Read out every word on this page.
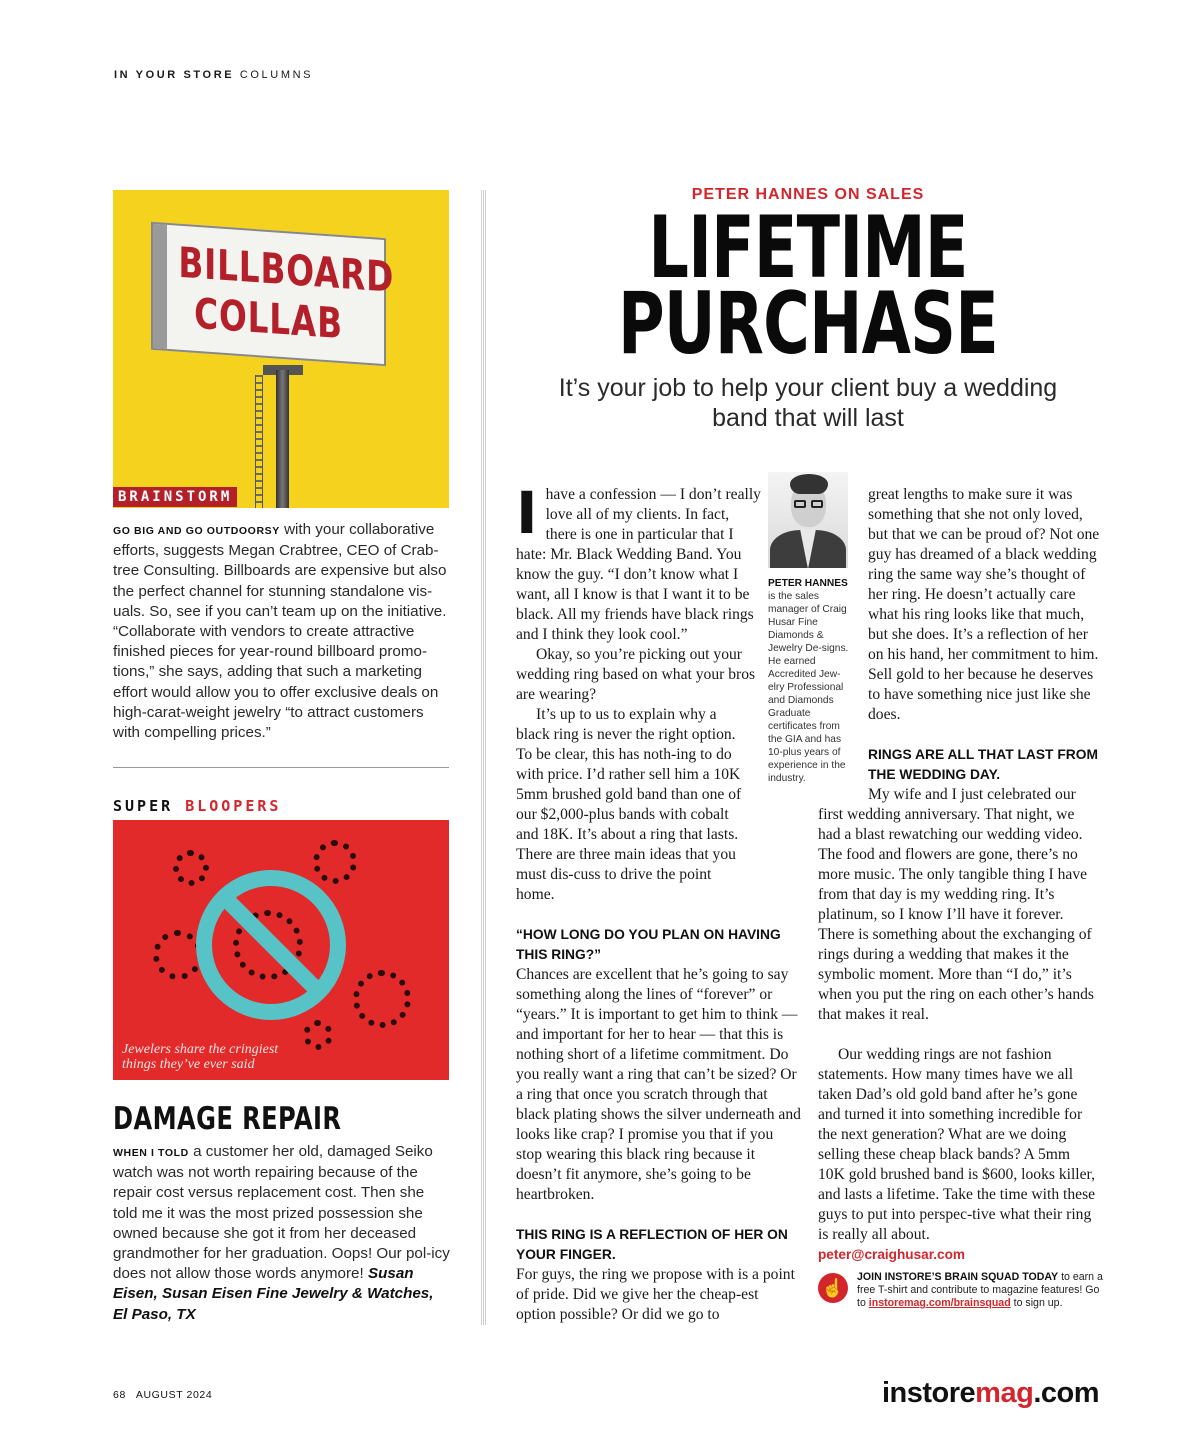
IN YOUR STORE COLUMNS
BILLBOARD
COLLAB
BRAINSTORM

GO BIG AND GO OUTDOORSY with your collaborative efforts, suggests Megan Crabtree, CEO of Crab-tree Consulting. Billboards are expensive but also the perfect channel for stunning standalone vis-uals. So, see if you can’t team up on the initiative. “Collaborate with vendors to create attractive finished pieces for year-round billboard promo-tions,” she says, adding that such a marketing effort would allow you to offer exclusive deals on high-carat-weight jewelry “to attract customers with compelling prices.”

SUPER BLOOPERS
Jewelers share the cringiest
things they’ve ever said
DAMAGE REPAIR

WHEN I TOLD a customer her old, damaged Seiko watch was not worth repairing because of the repair cost versus replacement cost. Then she told me it was the most prized possession she owned because she got it from her deceased grandmother for her graduation. Oops! Our pol-icy does not allow those words anymore! Susan Eisen, Susan Eisen Fine Jewelry & Watches, El Paso, TX

PETER HANNES ON SALES
LIFETIME
PURCHASE
It’s your job to help your client buy a wedding
band that will last
I have a confession — I don’t really love all of my clients. In fact, there is one in particular that I hate: Mr. Black Wedding Band. You know the guy. “I don’t know what I want, all I know is that I want it to be black. All my friends have black rings and I think they look cool.”

Okay, so you’re picking out your wedding ring based on what your bros are wearing?

It’s up to us to explain why a black ring is never the right option. To be clear, this has noth-ing to do with price. I’d rather sell him a 10K 5mm brushed gold band than one of our $2,000-plus bands with cobalt and 18K. It’s about a ring that lasts. There are three main ideas that you must dis-cuss to drive the point home.

“HOW LONG DO YOU PLAN ON HAVING THIS RING?”

Chances are excellent that he’s going to say something along the lines of “forever” or “years.” It is important to get him to think — and important for her to hear — that this is nothing short of a lifetime commitment. Do you really want a ring that can’t be sized? Or a ring that once you scratch through that black plating shows the silver underneath and looks like crap? I promise you that if you stop wearing this black ring because it doesn’t fit anymore, she’s going to be heartbroken.

THIS RING IS A REFLECTION OF HER ON YOUR FINGER.

For guys, the ring we propose with is a point of pride. Did we give her the cheap-est option possible? Or did we go to

PETER HANNES is the sales manager of Craig Husar Fine Diamonds & Jewelry De-signs. He earned Accredited Jew-elry Professional and Diamonds Graduate certificates from the GIA and has 10-plus years of experience in the industry.

great lengths to make sure it was something that she not only loved, but that we can be proud of? Not one guy has dreamed of a black wedding ring the same way she’s thought of her ring. He doesn’t actually care what his ring looks like that much, but she does. It’s a reflection of her on his hand, her commitment to him. Sell gold to her because he deserves to have something nice just like she does.

RINGS ARE ALL THAT LAST FROM THE WEDDING DAY.

My wife and I just celebrated our first wedding anniversary. That night, we had a blast rewatching our wedding video. The food and flowers are gone, there’s no more music. The only tangible thing I have from that day is my wedding ring. It’s platinum, so I know I’ll have it forever. There is something about the exchanging of rings during a wedding that makes it the symbolic moment. More than “I do,” it’s when you put the ring on each other’s hands that makes it real.

Our wedding rings are not fashion statements. How many times have we all taken Dad’s old gold band after he’s gone and turned it into something incredible for the next generation? What are we doing selling these cheap black bands? A 5mm 10K gold brushed band is $600, looks killer, and lasts a lifetime. Take the time with these guys to put into perspec-tive what their ring is really all about.

peter@craighusar.com
☝
JOIN INSTORE’S BRAIN SQUAD TODAY to earn a free T-shirt and contribute to magazine features! Go to instoremag.com/brainsquad to sign up.
68 AUGUST 2024	instoremag.com
